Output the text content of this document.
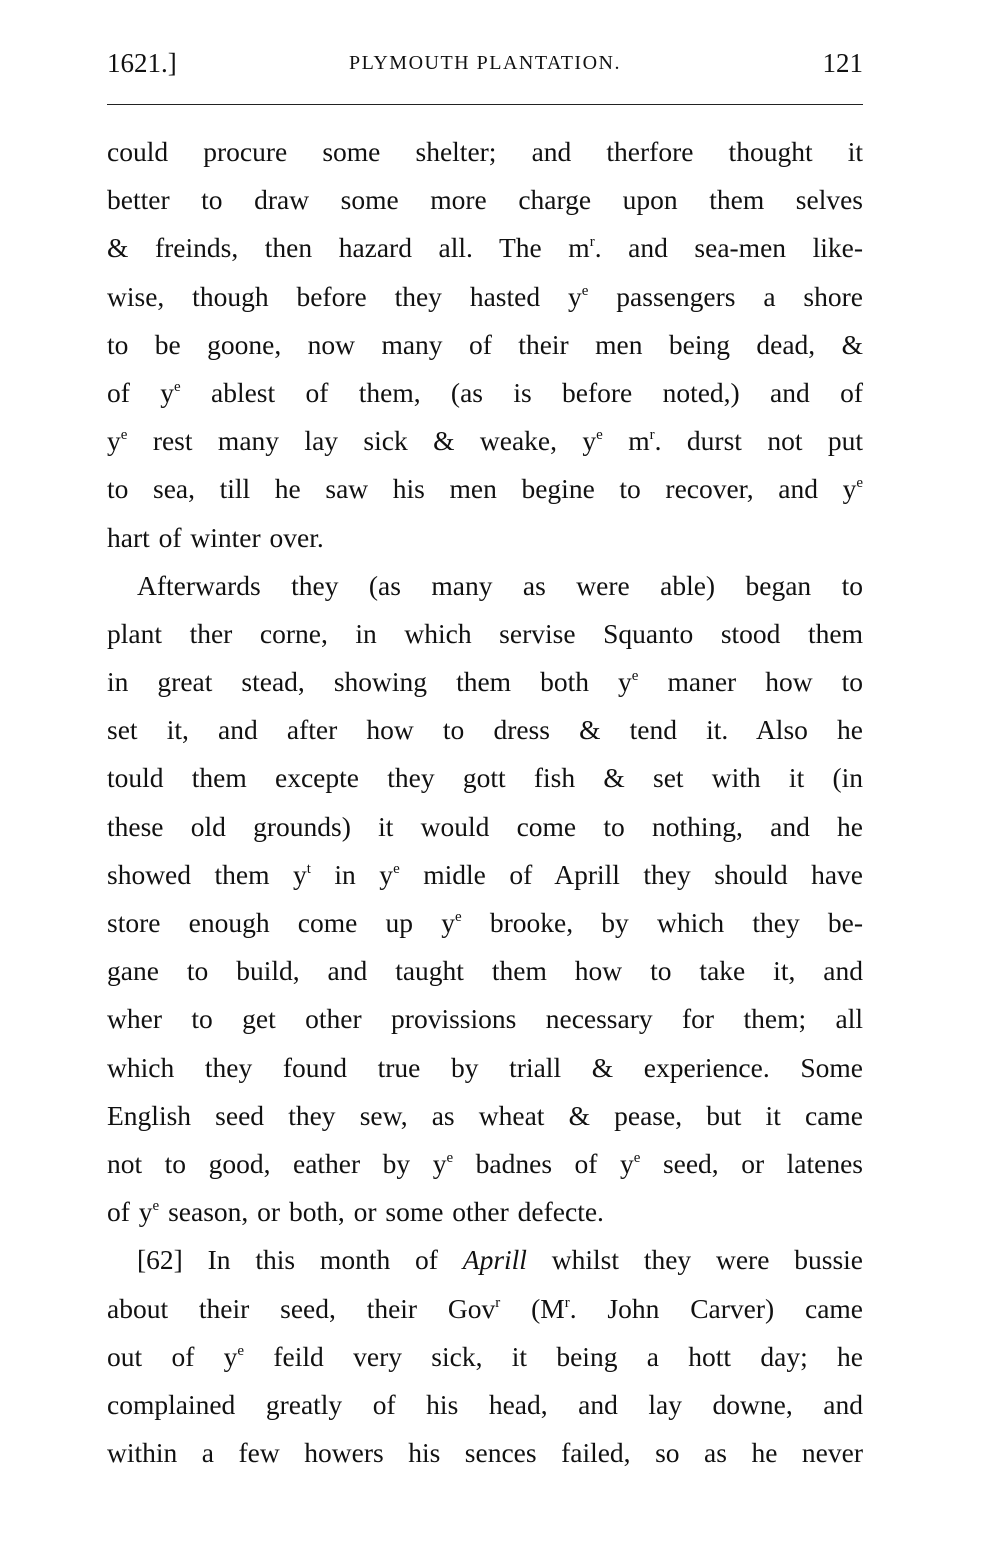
1621.]	PLYMOUTH PLANTATION.	121
could procure some shelter; and therfore thought it
better to draw some more charge upon them selves
& freinds, then hazard all. The $m^r$. and sea-men like-
wise, though before they hasted $y^e$ passengers a shore
to be goone, now many of their men being dead, &
of $y^e$ ablest of them, (as is before noted,) and of
$y^e$ rest many lay sick & weake, $y^e$ $m^r$. durst not put
to sea, till he saw his men begine to recover, and $y^e$
hart of winter over.
Afterwards they (as many as were able) began to
plant ther corne, in which servise Squanto stood them
in great stead, showing them both $y^e$ maner how to
set it, and after how to dress & tend it. Also he
tould them excepte they gott fish & set with it (in
these old grounds) it would come to nothing, and he
showed them $y^t$ in $y^e$ midle of Aprill they should have
store enough come up $y^e$ brooke, by which they be-
gane to build, and taught them how to take it, and
wher to get other provissions necessary for them; all
which they found true by triall & experience. Some
English seed they sew, as wheat & pease, but it came
not to good, eather by $y^e$ badnes of $y^e$ seed, or latenes
of $y^e$ season, or both, or some other defecte.
[62] In this month of Aprill whilst they were bussie
about their seed, their Gov$^r$ ($M^r$. John Carver) came
out of $y^e$ feild very sick, it being a hott day; he
complained greatly of his head, and lay downe, and
within a few howers his sences failed, so as he never
